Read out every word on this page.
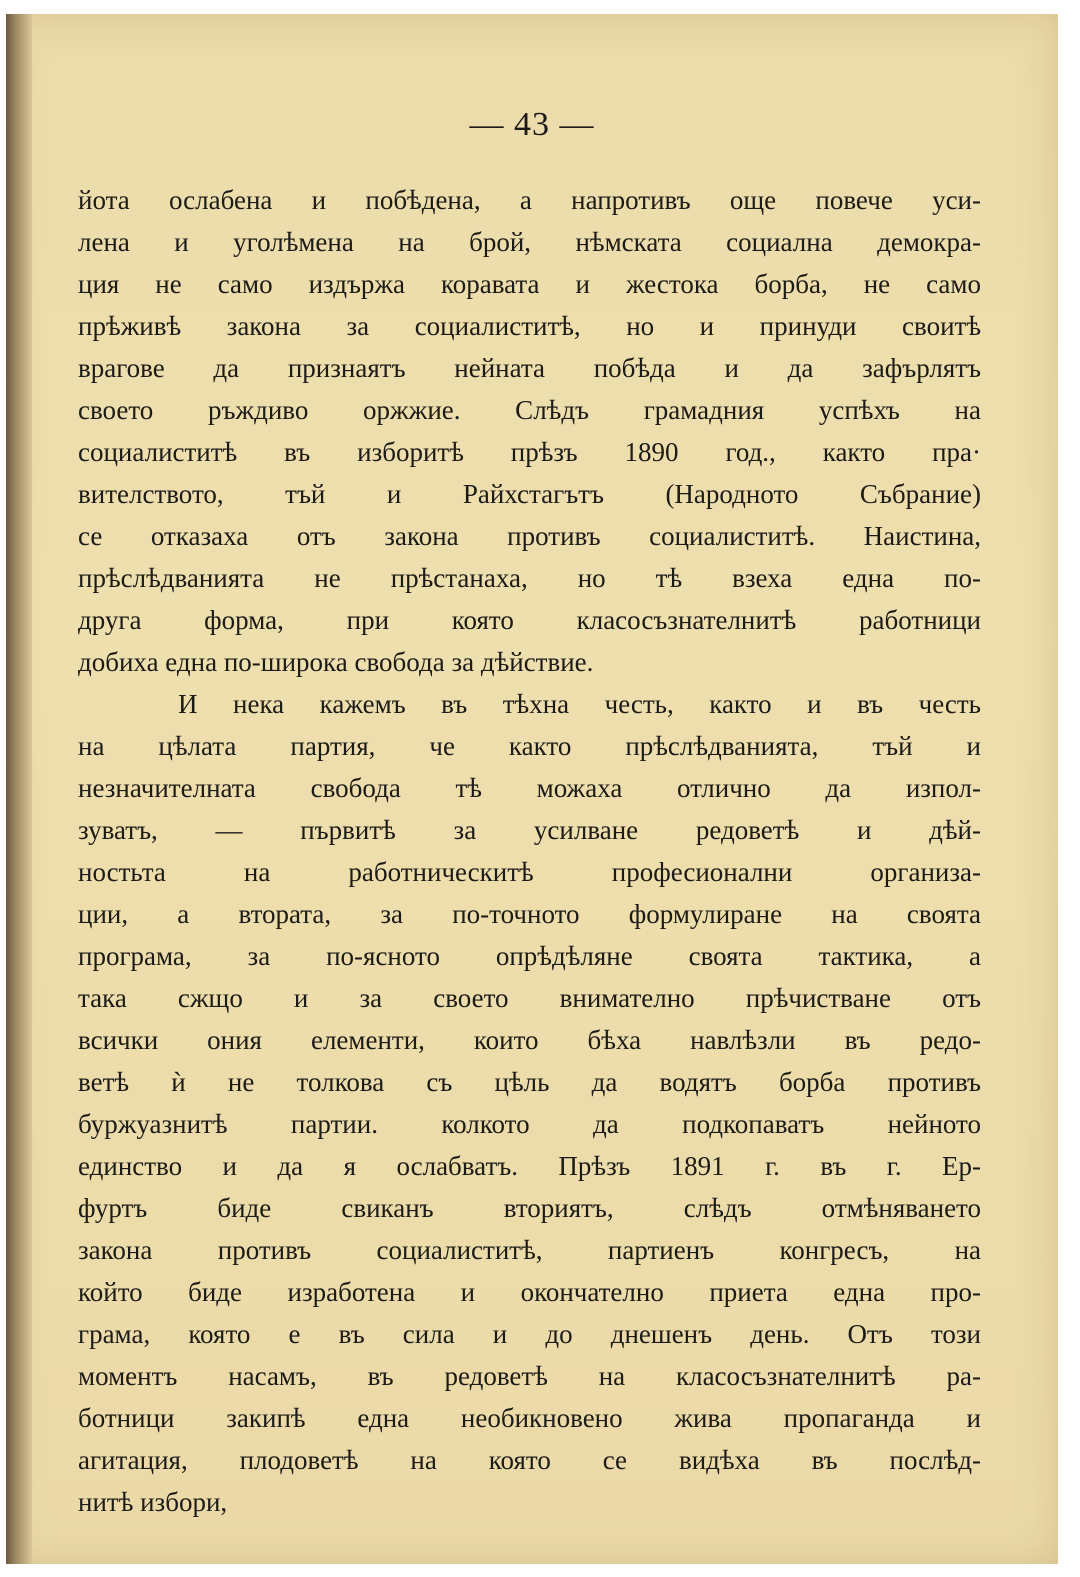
— 43 —
йота ослабена и побѣдена, а напротивъ още повече уси-
лена и уголѣмена на брой, нѣмската социална демокра-
ция не само издържа коравата и жестока борба, не само
прѣживѣ закона за социалиститѣ, но и принуди своитѣ
врагове да признаятъ нейната побѣда и да зафърлятъ
своето ръждиво оржжие. Слѣдъ грамадния успѣхъ на
социалиститѣ въ изборитѣ прѣзъ 1890 год., както пра·
вителството, тъй и Райхстагътъ (Народното Събрание)
се отказаха отъ закона противъ социалиститѣ. Наистина,
прѣслѣдванията не прѣстанаха, но тѣ взеха една по-
друга форма, при която класосъзнателнитѣ работници
добиха една по-широка свобода за дѣйствие.
И нека кажемъ въ тѣхна честь, както и въ честь
на цѣлата партия, че както прѣслѣдванията, тъй и
незначителната свобода тѣ можаха отлично да изпол-
зуватъ, — първитѣ за усилване редоветѣ и дѣй-
ностьта на работническитѣ професионални организа-
ции, а втората, за по-точното формулиране на своята
програма, за по-ясното опрѣдѣляне своята тактика, а
така сжщо и за своето внимателно прѣчистване отъ
всички ония елементи, които бѣха навлѣзли въ редо-
ветѣ ѝ не толкова съ цѣль да водятъ борба противъ
буржуазнитѣ партии. колкото да подкопаватъ нейното
единство и да я ослабватъ. Прѣзъ 1891 г. въ г. Ер-
фуртъ биде свиканъ вториятъ, слѣдъ отмѣняването
закона противъ социалиститѣ, партиенъ конгресъ, на
който биде изработена и окончателно приета една про-
грама, която е въ сила и до днешенъ день. Отъ този
моментъ насамъ, въ редоветѣ на класосъзнателнитѣ ра-
ботници закипѣ една необикновено жива пропаганда и
агитация, плодоветѣ на която се видѣха въ послѣд-
нитѣ избори,
